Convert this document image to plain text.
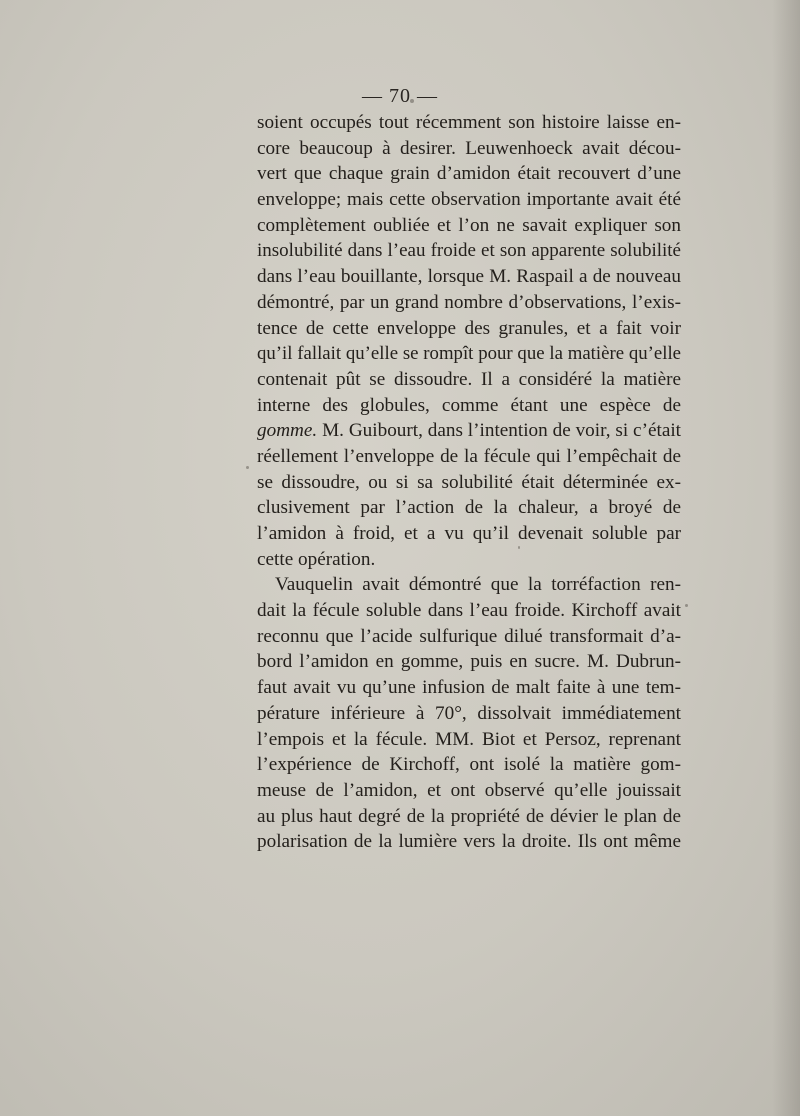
— 70 —
soient occupés tout récemment son histoire laisse en-
core beaucoup à desirer. Leuwenhoeck avait décou-
vert que chaque grain d’amidon était recouvert d’une
enveloppe; mais cette observation importante avait été
complètement oubliée et l’on ne savait expliquer son
insolubilité dans l’eau froide et son apparente solubilité
dans l’eau bouillante, lorsque M. Raspail a de nouveau
démontré, par un grand nombre d’observations, l’exis-
tence de cette enveloppe des granules, et a fait voir
qu’il fallait qu’elle se rompît pour que la matière qu’elle
contenait pût se dissoudre. Il a considéré la matière
interne des globules, comme étant une espèce de
gomme. M. Guibourt, dans l’intention de voir, si c’était
réellement l’enveloppe de la fécule qui l’empêchait de
se dissoudre, ou si sa solubilité était déterminée ex-
clusivement par l’action de la chaleur, a broyé de
l’amidon à froid, et a vu qu’il devenait soluble par
cette opération.
Vauquelin avait démontré que la torréfaction ren-
dait la fécule soluble dans l’eau froide. Kirchoff avait
reconnu que l’acide sulfurique dilué transformait d’a-
bord l’amidon en gomme, puis en sucre. M. Dubrun-
faut avait vu qu’une infusion de malt faite à une tem-
pérature inférieure à 70°, dissolvait immédiatement
l’empois et la fécule. MM. Biot et Persoz, reprenant
l’expérience de Kirchoff, ont isolé la matière gom-
meuse de l’amidon, et ont observé qu’elle jouissait
au plus haut degré de la propriété de dévier le plan de
polarisation de la lumière vers la droite. Ils ont même
